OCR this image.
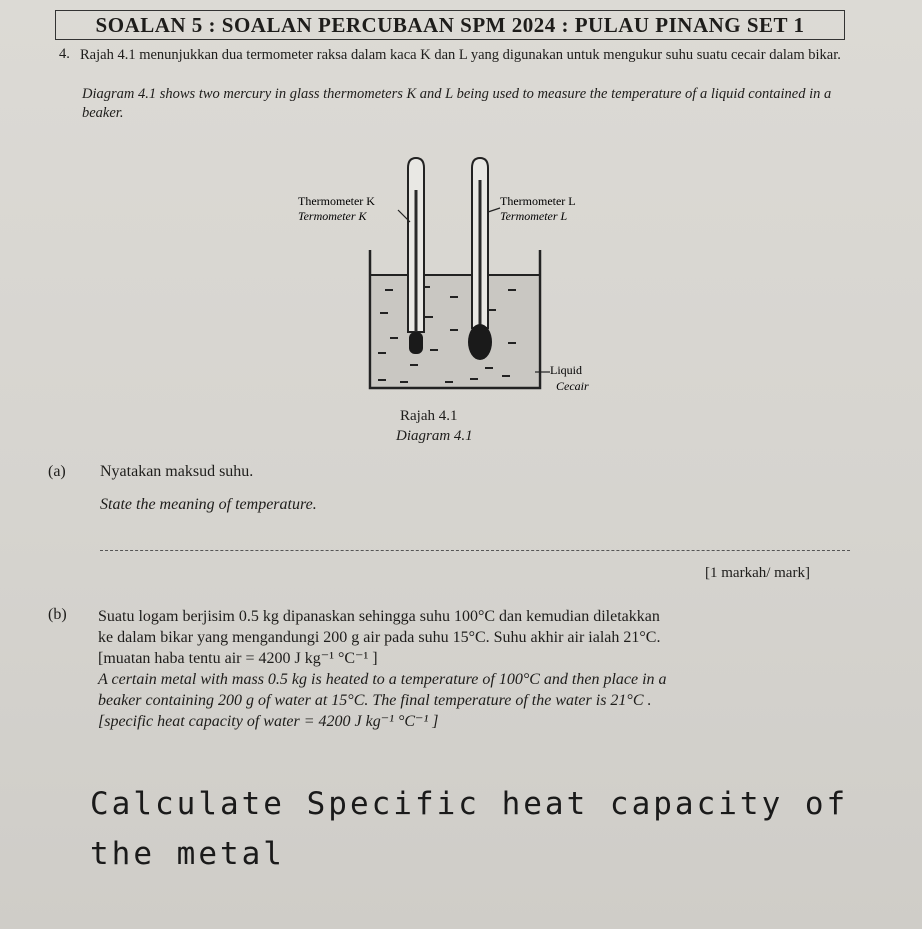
SOALAN 5 : SOALAN PERCUBAAN SPM 2024 : PULAU PINANG SET 1
4. Rajah 4.1 menunjukkan dua termometer raksa dalam kaca K dan L yang digunakan untuk mengukur suhu suatu cecair dalam bikar.
Diagram 4.1 shows two mercury in glass thermometers K and L being used to measure the temperature of a liquid contained in a beaker.
Thermometer K
Termometer K
Thermometer L
Termometer L
Liquid
Cecair
Rajah 4.1
Diagram 4.1
(a) Nyatakan maksud suhu.
State the meaning of temperature.
[1 markah/ mark]
(b) Suatu logam berjisim 0.5 kg dipanaskan sehingga suhu 100°C dan kemudian diletakkan
ke dalam bikar yang mengandungi 200 g air pada suhu 15°C. Suhu akhir air ialah 21°C.
[muatan haba tentu air = 4200 J kg⁻¹ °C⁻¹ ]
A certain metal with mass 0.5 kg is heated to a temperature of 100°C and then place in a
beaker containing 200 g of water at 15°C. The final temperature of the water is 21°C .
[specific heat capacity of water = 4200 J kg⁻¹ °C⁻¹ ]
Calculate Specific heat capacity of
the metal
